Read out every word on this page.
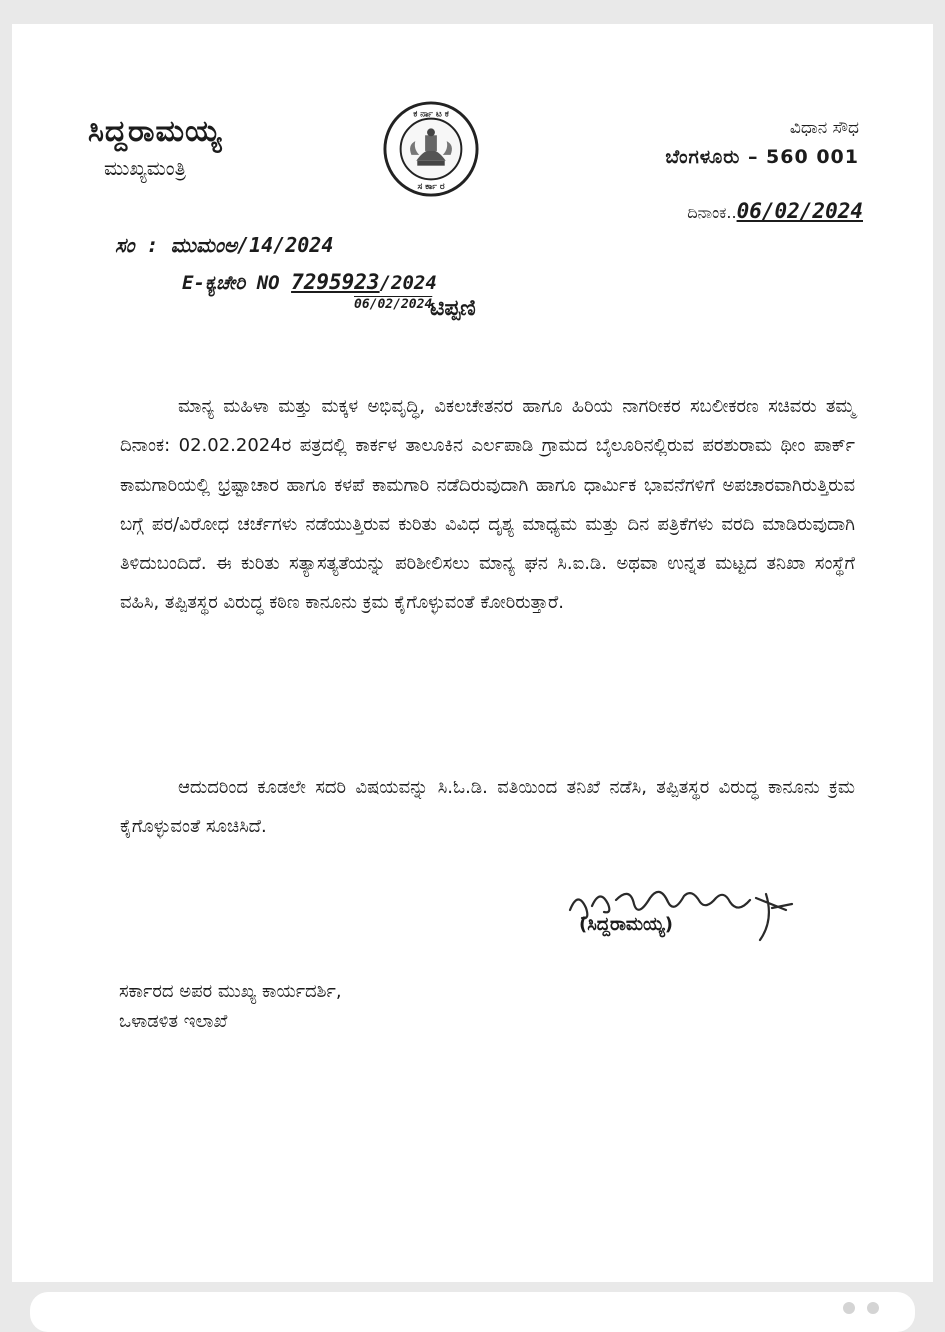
ಸಿದ್ದರಾಮಯ್ಯ
ಮುಖ್ಯಮಂತ್ರಿ
ಕ ರ್ನಾ ಟ ಕ
ಸ ರ್ಕಾ ರ
ವಿಧಾನ ಸೌಧ
ಬೆಂಗಳೂರು – 560 001
ದಿನಾಂಕ..06/02/2024
ಸಂ : ಮುಮಂಅ/14/2024
E-ಕ್ಯಚೇರಿ NO 7295923/2024
06/02/2024
ಟಿಪ್ಪಣಿ
ಮಾನ್ಯ ಮಹಿಳಾ ಮತ್ತು ಮಕ್ಕಳ ಅಭಿವೃದ್ಧಿ, ವಿಕಲಚೇತನರ ಹಾಗೂ ಹಿರಿಯ ನಾಗರೀಕರ ಸಬಲೀಕರಣ ಸಚಿವರು ತಮ್ಮ ದಿನಾಂಕ: 02.02.2024ರ ಪತ್ರದಲ್ಲಿ ಕಾರ್ಕಳ ತಾಲೂಕಿನ ಎರ್ಲಪಾಡಿ ಗ್ರಾಮದ ಬೈಲೂರಿನಲ್ಲಿರುವ ಪರಶುರಾಮ ಥೀಂ ಪಾರ್ಕ್ ಕಾಮಗಾರಿಯಲ್ಲಿ ಭ್ರಷ್ಟಾಚಾರ ಹಾಗೂ ಕಳಪೆ ಕಾಮಗಾರಿ ನಡೆದಿರುವುದಾಗಿ ಹಾಗೂ ಧಾರ್ಮಿಕ ಭಾವನೆಗಳಿಗೆ ಅಪಚಾರವಾಗಿರುತ್ತಿರುವ ಬಗ್ಗೆ ಪರ/ವಿರೋಧ ಚರ್ಚೆಗಳು ನಡೆಯುತ್ತಿರುವ ಕುರಿತು ವಿವಿಧ ದೃಶ್ಯ ಮಾಧ್ಯಮ ಮತ್ತು ದಿನ ಪತ್ರಿಕೆಗಳು ವರದಿ ಮಾಡಿರುವುದಾಗಿ ತಿಳಿದುಬಂದಿದೆ. ಈ ಕುರಿತು ಸತ್ಯಾಸತ್ಯತೆಯನ್ನು ಪರಿಶೀಲಿಸಲು ಮಾನ್ಯ ಘನ ಸಿ.ಐ.ಡಿ. ಅಥವಾ ಉನ್ನತ ಮಟ್ಟದ ತನಿಖಾ ಸಂಸ್ಥೆಗೆ ವಹಿಸಿ, ತಪ್ಪಿತಸ್ಥರ ವಿರುದ್ಧ ಕಠಿಣ ಕಾನೂನು ಕ್ರಮ ಕೈಗೊಳ್ಳುವಂತೆ ಕೋರಿರುತ್ತಾರೆ.
ಆದುದರಿಂದ ಕೂಡಲೇ ಸದರಿ ವಿಷಯವನ್ನು ಸಿ.ಓ.ಡಿ. ವತಿಯಿಂದ ತನಿಖೆ ನಡೆಸಿ, ತಪ್ಪಿತಸ್ಥರ ವಿರುದ್ಧ ಕಾನೂನು ಕ್ರಮ ಕೈಗೊಳ್ಳುವಂತೆ ಸೂಚಿಸಿದೆ.
(ಸಿದ್ದರಾಮಯ್ಯ)
ಸರ್ಕಾರದ ಅಪರ ಮುಖ್ಯ ಕಾರ್ಯದರ್ಶಿ,
ಒಳಾಡಳಿತ ಇಲಾಖೆ
